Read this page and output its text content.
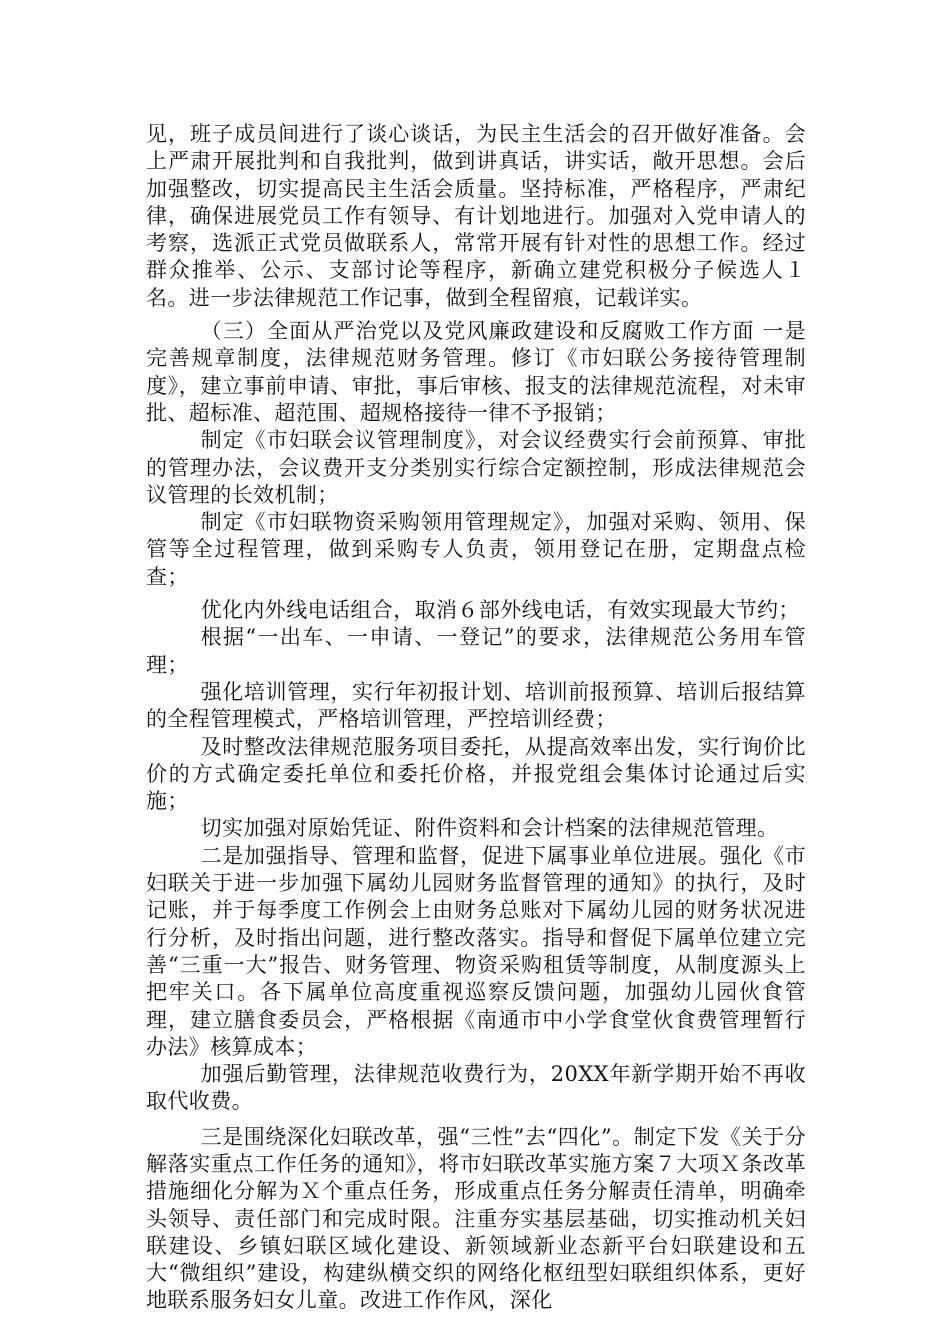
见，班子成员间进行了谈心谈话，为民主生活会的召开做好准备。会上严肃开展批判和自我批判，做到讲真话，讲实话，敞开思想。会后加强整改，切实提高民主生活会质量。坚持标准，严格程序，严肃纪律，确保进展党员工作有领导、有计划地进行。加强对入党申请人的考察，选派正式党员做联系人，常常开展有针对性的思想工作。经过群众推举、公示、支部讨论等程序，新确立建党积极分子候选人１名。进一步法律规范工作记事，做到全程留痕，记载详实。

（三）全面从严治党以及党风廉政建设和反腐败工作方面 一是完善规章制度，法律规范财务管理。修订《市妇联公务接待管理制度》，建立事前申请、审批，事后审核、报支的法律规范流程，对未审批、超标准、超范围、超规格接待一律不予报销；

制定《市妇联会议管理制度》，对会议经费实行会前预算、审批的管理办法，会议费开支分类别实行综合定额控制，形成法律规范会议管理的长效机制；

制定《市妇联物资采购领用管理规定》，加强对采购、领用、保管等全过程管理，做到采购专人负责，领用登记在册，定期盘点检查；

优化内外线电话组合，取消６部外线电话，有效实现最大节约；

根据“一出车、一申请、一登记”的要求，法律规范公务用车管理；

强化培训管理，实行年初报计划、培训前报预算、培训后报结算的全程管理模式，严格培训管理，严控培训经费；

及时整改法律规范服务项目委托，从提高效率出发，实行询价比价的方式确定委托单位和委托价格，并报党组会集体讨论通过后实施；

切实加强对原始凭证、附件资料和会计档案的法律规范管理。

二是加强指导、管理和监督，促进下属事业单位进展。强化《市妇联关于进一步加强下属幼儿园财务监督管理的通知》的执行，及时记账，并于每季度工作例会上由财务总账对下属幼儿园的财务状况进行分析，及时指出问题，进行整改落实。指导和督促下属单位建立完善“三重一大”报告、财务管理、物资采购租赁等制度，从制度源头上把牢关口。各下属单位高度重视巡察反馈问题，加强幼儿园伙食管理，建立膳食委员会，严格根据《南通市中小学食堂伙食费管理暂行办法》核算成本；

加强后勤管理，法律规范收费行为，20XX年新学期开始不再收取代收费。

三是围绕深化妇联改革，强“三性”去“四化”。制定下发《关于分解落实重点工作任务的通知》，将市妇联改革实施方案７大项Ｘ条改革措施细化分解为Ｘ个重点任务，形成重点任务分解责任清单，明确牵头领导、责任部门和完成时限。注重夯实基层基础，切实推动机关妇联建设、乡镇妇联区域化建设、新领域新业态新平台妇联建设和五大“微组织”建设，构建纵横交织的网络化枢纽型妇联组织体系，更好地联系服务妇女儿童。改进工作作风，深化
